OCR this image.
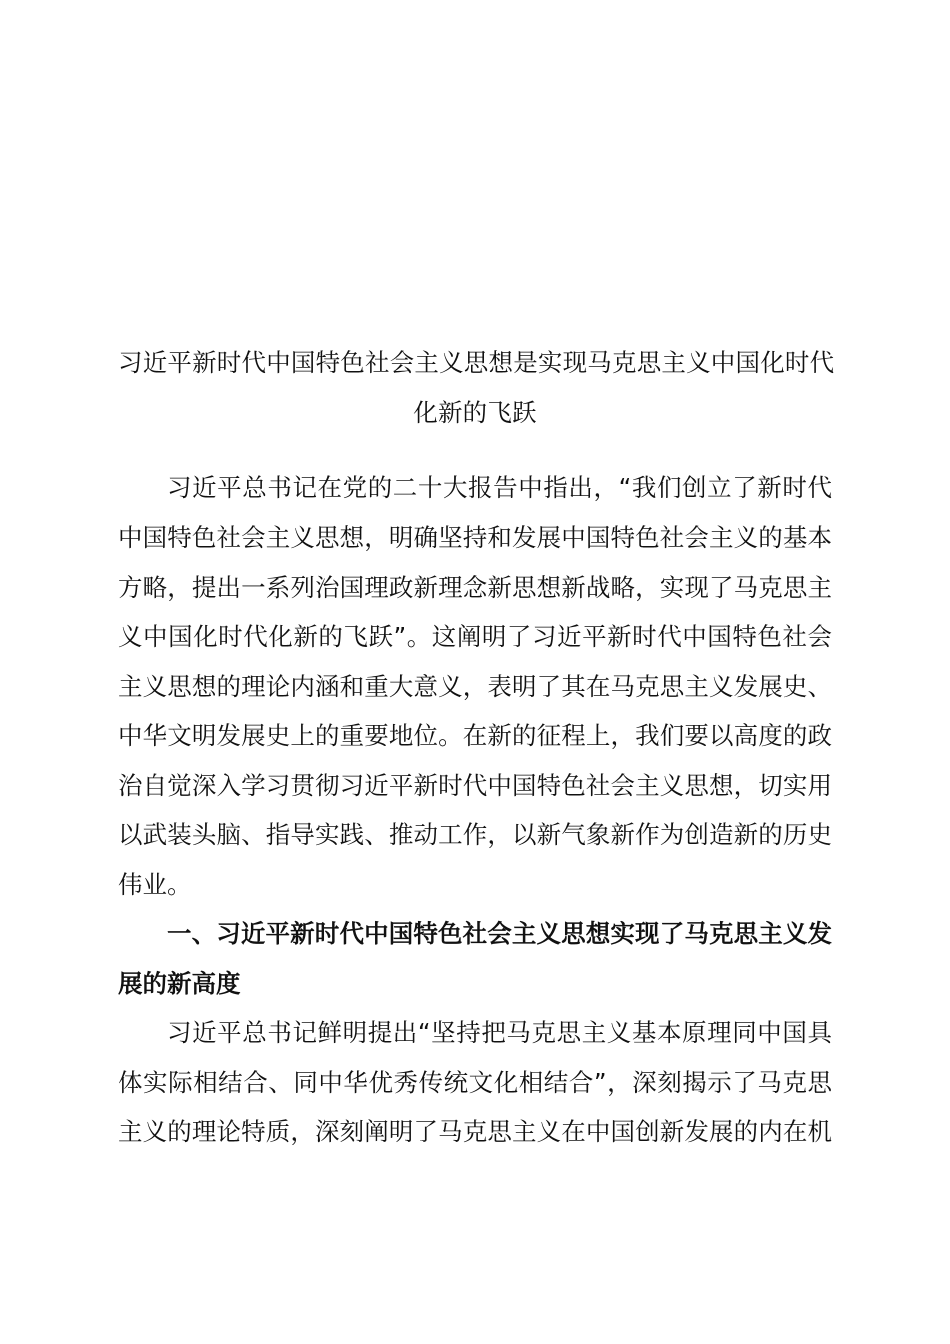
习近平新时代中国特色社会主义思想是实现马克思主义中国化时代
化新的飞跃
习近平总书记在党的二十大报告中指出，“我们创立了新时代
中国特色社会主义思想，明确坚持和发展中国特色社会主义的基本
方略，提出一系列治国理政新理念新思想新战略，实现了马克思主
义中国化时代化新的飞跃”。这阐明了习近平新时代中国特色社会
主义思想的理论内涵和重大意义，表明了其在马克思主义发展史、
中华文明发展史上的重要地位。在新的征程上，我们要以高度的政
治自觉深入学习贯彻习近平新时代中国特色社会主义思想，切实用
以武装头脑、指导实践、推动工作，以新气象新作为创造新的历史
伟业。
一、习近平新时代中国特色社会主义思想实现了马克思主义发
展的新高度
习近平总书记鲜明提出“坚持把马克思主义基本原理同中国具
体实际相结合、同中华优秀传统文化相结合”，深刻揭示了马克思
主义的理论特质，深刻阐明了马克思主义在中国创新发展的内在机
